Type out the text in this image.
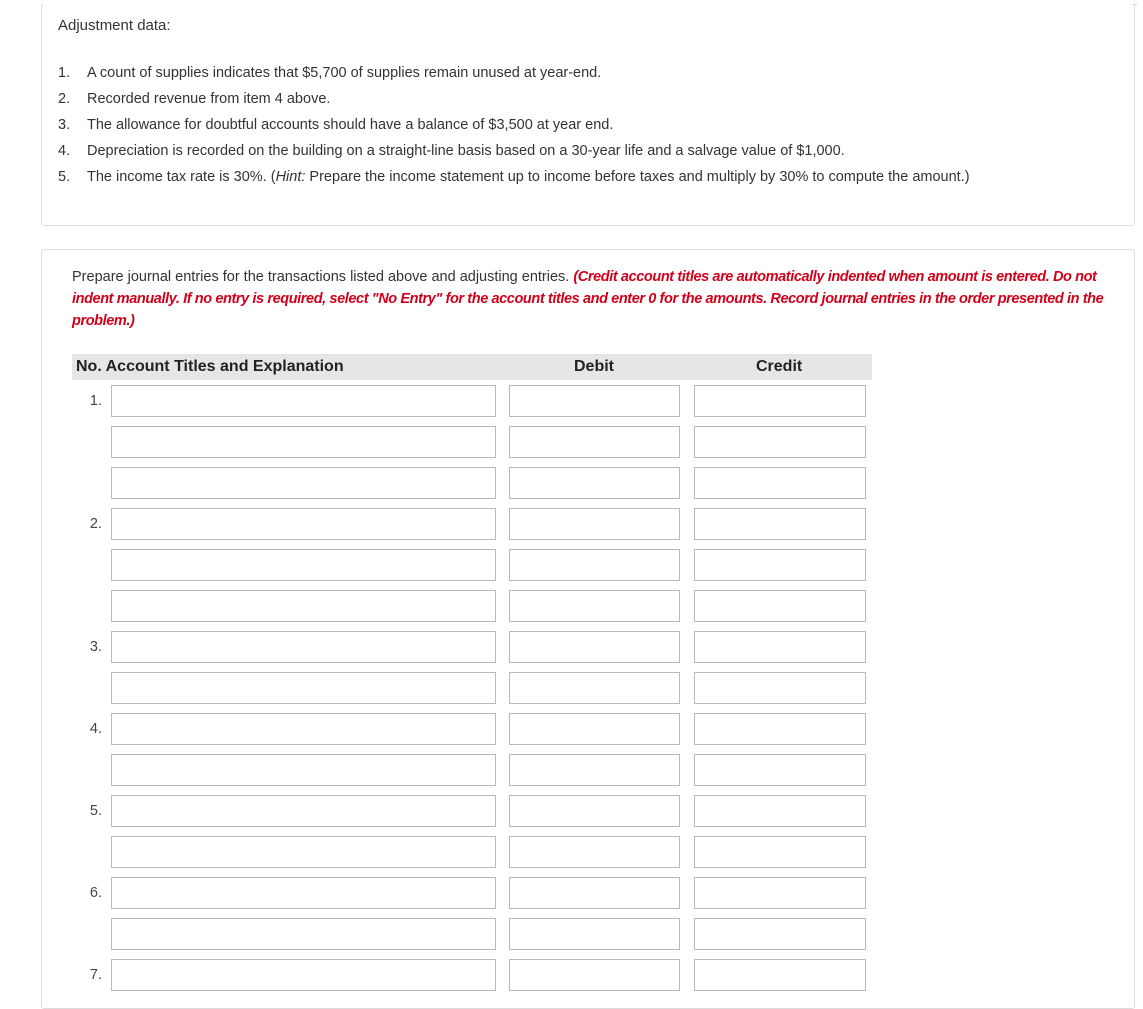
Adjustment data:
1. A count of supplies indicates that $5,700 of supplies remain unused at year-end.
2. Recorded revenue from item 4 above.
3. The allowance for doubtful accounts should have a balance of $3,500 at year end.
4. Depreciation is recorded on the building on a straight-line basis based on a 30-year life and a salvage value of $1,000.
5. The income tax rate is 30%. (Hint: Prepare the income statement up to income before taxes and multiply by 30% to compute the amount.)
Prepare journal entries for the transactions listed above and adjusting entries. (Credit account titles are automatically indented when amount is entered. Do not indent manually. If no entry is required, select "No Entry" for the account titles and enter 0 for the amounts. Record journal entries in the order presented in the problem.)
No. Account Titles and Explanation	Debit	Credit
1.
2.
3.
4.
5.
6.
7.
